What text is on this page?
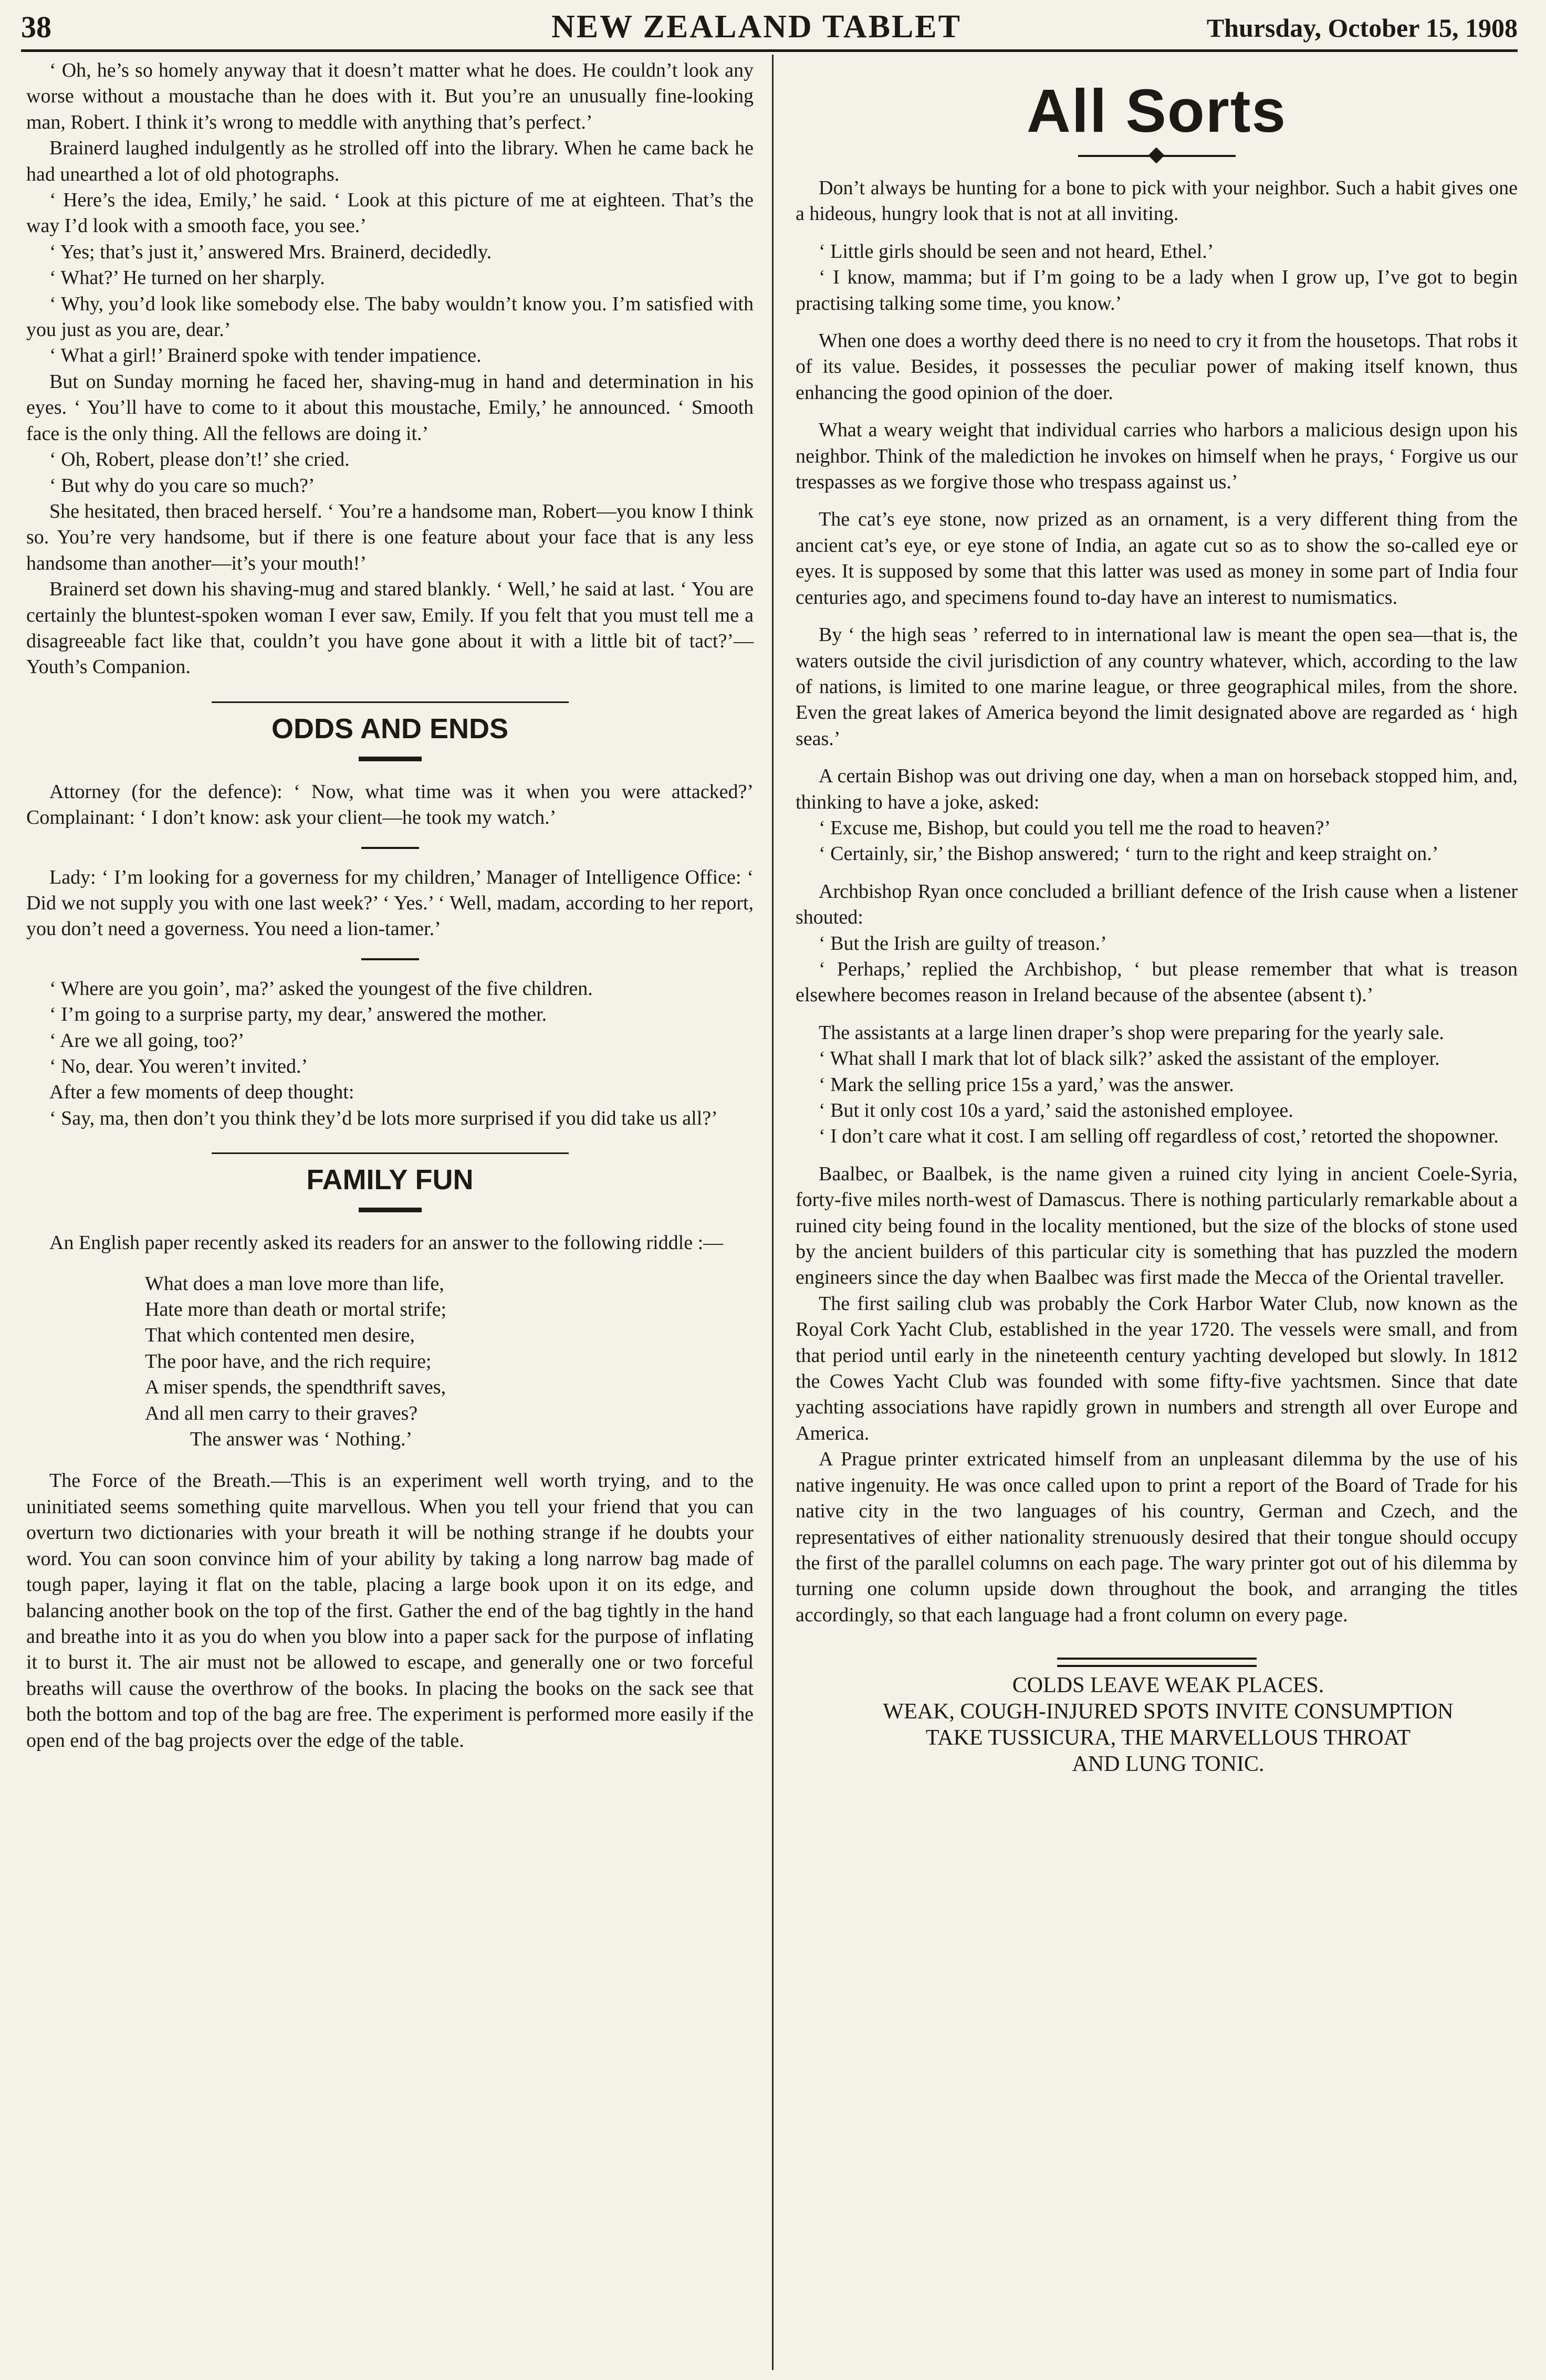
38	NEW ZEALAND TABLET	Thursday, October 15, 1908

‘ Oh, he’s so homely anyway that it doesn’t matter what he does. He couldn’t look any worse without a moustache than he does with it. But you’re an unusually fine-looking man, Robert. I think it’s wrong to meddle with anything that’s perfect.’

Brainerd laughed indulgently as he strolled off into the library. When he came back he had unearthed a lot of old photographs.

‘ Here’s the idea, Emily,’ he said. ‘ Look at this picture of me at eighteen. That’s the way I’d look with a smooth face, you see.’

‘ Yes; that’s just it,’ answered Mrs. Brainerd, decidedly.

‘ What?’ He turned on her sharply.

‘ Why, you’d look like somebody else. The baby wouldn’t know you. I’m satisfied with you just as you are, dear.’

‘ What a girl!’ Brainerd spoke with tender impatience.

But on Sunday morning he faced her, shaving-mug in hand and determination in his eyes. ‘ You’ll have to come to it about this moustache, Emily,’ he announced. ‘ Smooth face is the only thing. All the fellows are doing it.’

‘ Oh, Robert, please don’t!’ she cried.

‘ But why do you care so much?’

She hesitated, then braced herself. ‘ You’re a handsome man, Robert—you know I think so. You’re very handsome, but if there is one feature about your face that is any less handsome than another—it’s your mouth!’

Brainerd set down his shaving-mug and stared blankly. ‘ Well,’ he said at last. ‘ You are certainly the bluntest-spoken woman I ever saw, Emily. If you felt that you must tell me a disagreeable fact like that, couldn’t you have gone about it with a little bit of tact?’—Youth’s Companion.

ODDS AND ENDS

Attorney (for the defence): ‘ Now, what time was it when you were attacked?’ Complainant: ‘ I don’t know: ask your client—he took my watch.’

Lady: ‘ I’m looking for a governess for my children,’ Manager of Intelligence Office: ‘ Did we not supply you with one last week?’ ‘ Yes.’ ‘ Well, madam, according to her report, you don’t need a governess. You need a lion-tamer.’

‘ Where are you goin’, ma?’ asked the youngest of the five children.

‘ I’m going to a surprise party, my dear,’ answered the mother.

‘ Are we all going, too?’

‘ No, dear. You weren’t invited.’

After a few moments of deep thought:

‘ Say, ma, then don’t you think they’d be lots more surprised if you did take us all?’

FAMILY FUN

An English paper recently asked its readers for an answer to the following riddle :—

What does a man love more than life,
Hate more than death or mortal strife;
That which contented men desire,
The poor have, and the rich require;
A miser spends, the spendthrift saves,
And all men carry to their graves?
The answer was ‘ Nothing.’

The Force of the Breath.—This is an experiment well worth trying, and to the uninitiated seems something quite marvellous. When you tell your friend that you can overturn two dictionaries with your breath it will be nothing strange if he doubts your word. You can soon convince him of your ability by taking a long narrow bag made of tough paper, laying it flat on the table, placing a large book upon it on its edge, and balancing another book on the top of the first. Gather the end of the bag tightly in the hand and breathe into it as you do when you blow into a paper sack for the purpose of inflating it to burst it. The air must not be allowed to escape, and generally one or two forceful breaths will cause the overthrow of the books. In placing the books on the sack see that both the bottom and top of the bag are free. The experiment is performed more easily if the open end of the bag projects over the edge of the table.

All Sorts

Don’t always be hunting for a bone to pick with your neighbor. Such a habit gives one a hideous, hungry look that is not at all inviting.

‘ Little girls should be seen and not heard, Ethel.’

‘ I know, mamma; but if I’m going to be a lady when I grow up, I’ve got to begin practising talking some time, you know.’

When one does a worthy deed there is no need to cry it from the housetops. That robs it of its value. Besides, it possesses the peculiar power of making itself known, thus enhancing the good opinion of the doer.

What a weary weight that individual carries who harbors a malicious design upon his neighbor. Think of the malediction he invokes on himself when he prays, ‘ Forgive us our trespasses as we forgive those who trespass against us.’

The cat’s eye stone, now prized as an ornament, is a very different thing from the ancient cat’s eye, or eye stone of India, an agate cut so as to show the so-called eye or eyes. It is supposed by some that this latter was used as money in some part of India four centuries ago, and specimens found to-day have an interest to numismatics.

By ‘ the high seas ’ referred to in international law is meant the open sea—that is, the waters outside the civil jurisdiction of any country whatever, which, according to the law of nations, is limited to one marine league, or three geographical miles, from the shore. Even the great lakes of America beyond the limit designated above are regarded as ‘ high seas.’

A certain Bishop was out driving one day, when a man on horseback stopped him, and, thinking to have a joke, asked:

‘ Excuse me, Bishop, but could you tell me the road to heaven?’

‘ Certainly, sir,’ the Bishop answered; ‘ turn to the right and keep straight on.’

Archbishop Ryan once concluded a brilliant defence of the Irish cause when a listener shouted:

‘ But the Irish are guilty of treason.’

‘ Perhaps,’ replied the Archbishop, ‘ but please remember that what is treason elsewhere becomes reason in Ireland because of the absentee (absent t).’

The assistants at a large linen draper’s shop were preparing for the yearly sale.

‘ What shall I mark that lot of black silk?’ asked the assistant of the employer.

‘ Mark the selling price 15s a yard,’ was the answer.

‘ But it only cost 10s a yard,’ said the astonished employee.

‘ I don’t care what it cost. I am selling off regardless of cost,’ retorted the shopowner.

Baalbec, or Baalbek, is the name given a ruined city lying in ancient Coele-Syria, forty-five miles north-west of Damascus. There is nothing particularly remarkable about a ruined city being found in the locality mentioned, but the size of the blocks of stone used by the ancient builders of this particular city is something that has puzzled the modern engineers since the day when Baalbec was first made the Mecca of the Oriental traveller.

The first sailing club was probably the Cork Harbor Water Club, now known as the Royal Cork Yacht Club, established in the year 1720. The vessels were small, and from that period until early in the nineteenth century yachting developed but slowly. In 1812 the Cowes Yacht Club was founded with some fifty-five yachtsmen. Since that date yachting associations have rapidly grown in numbers and strength all over Europe and America.

A Prague printer extricated himself from an unpleasant dilemma by the use of his native ingenuity. He was once called upon to print a report of the Board of Trade for his native city in the two languages of his country, German and Czech, and the representatives of either nationality strenuously desired that their tongue should occupy the first of the parallel columns on each page. The wary printer got out of his dilemma by turning one column upside down throughout the book, and arranging the titles accordingly, so that each language had a front column on every page.

COLDS LEAVE WEAK PLACES.

WEAK, COUGH-INJURED SPOTS INVITE CONSUMPTION

TAKE TUSSICURA, THE MARVELLOUS THROAT

AND LUNG TONIC.
